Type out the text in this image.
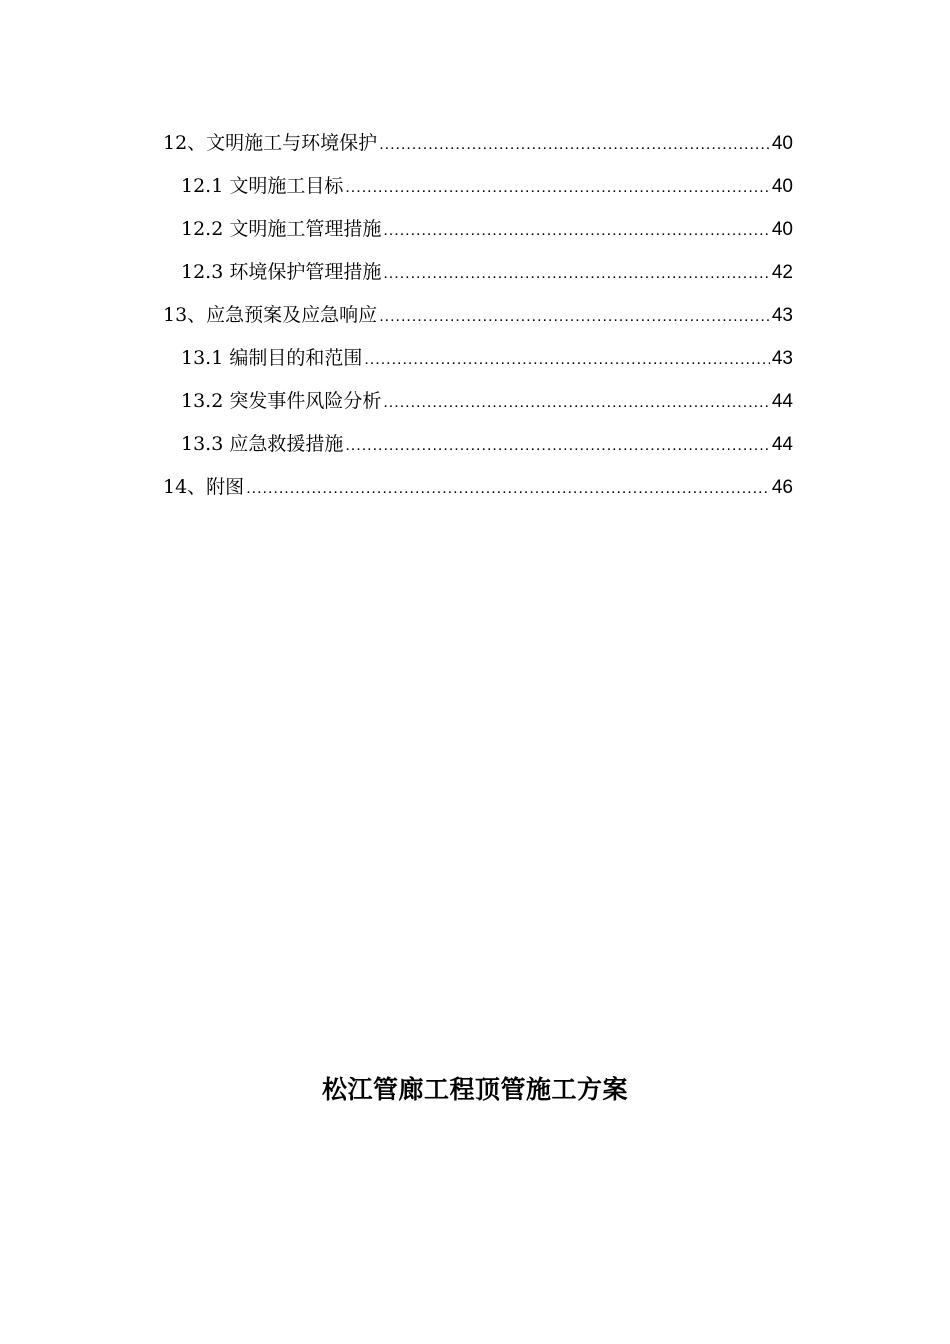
12、文明施工与环境保护 .....	40
12.1 文明施工目标 .....	40
12.2 文明施工管理措施 .....	40
12.3 环境保护管理措施 .....	42
13、应急预案及应急响应 .....	43
13.1 编制目的和范围 .....	43
13.2 突发事件风险分析 .....	44
13.3 应急救援措施 .....	44
14、附图 .....	46
松江管廊工程顶管施工方案
